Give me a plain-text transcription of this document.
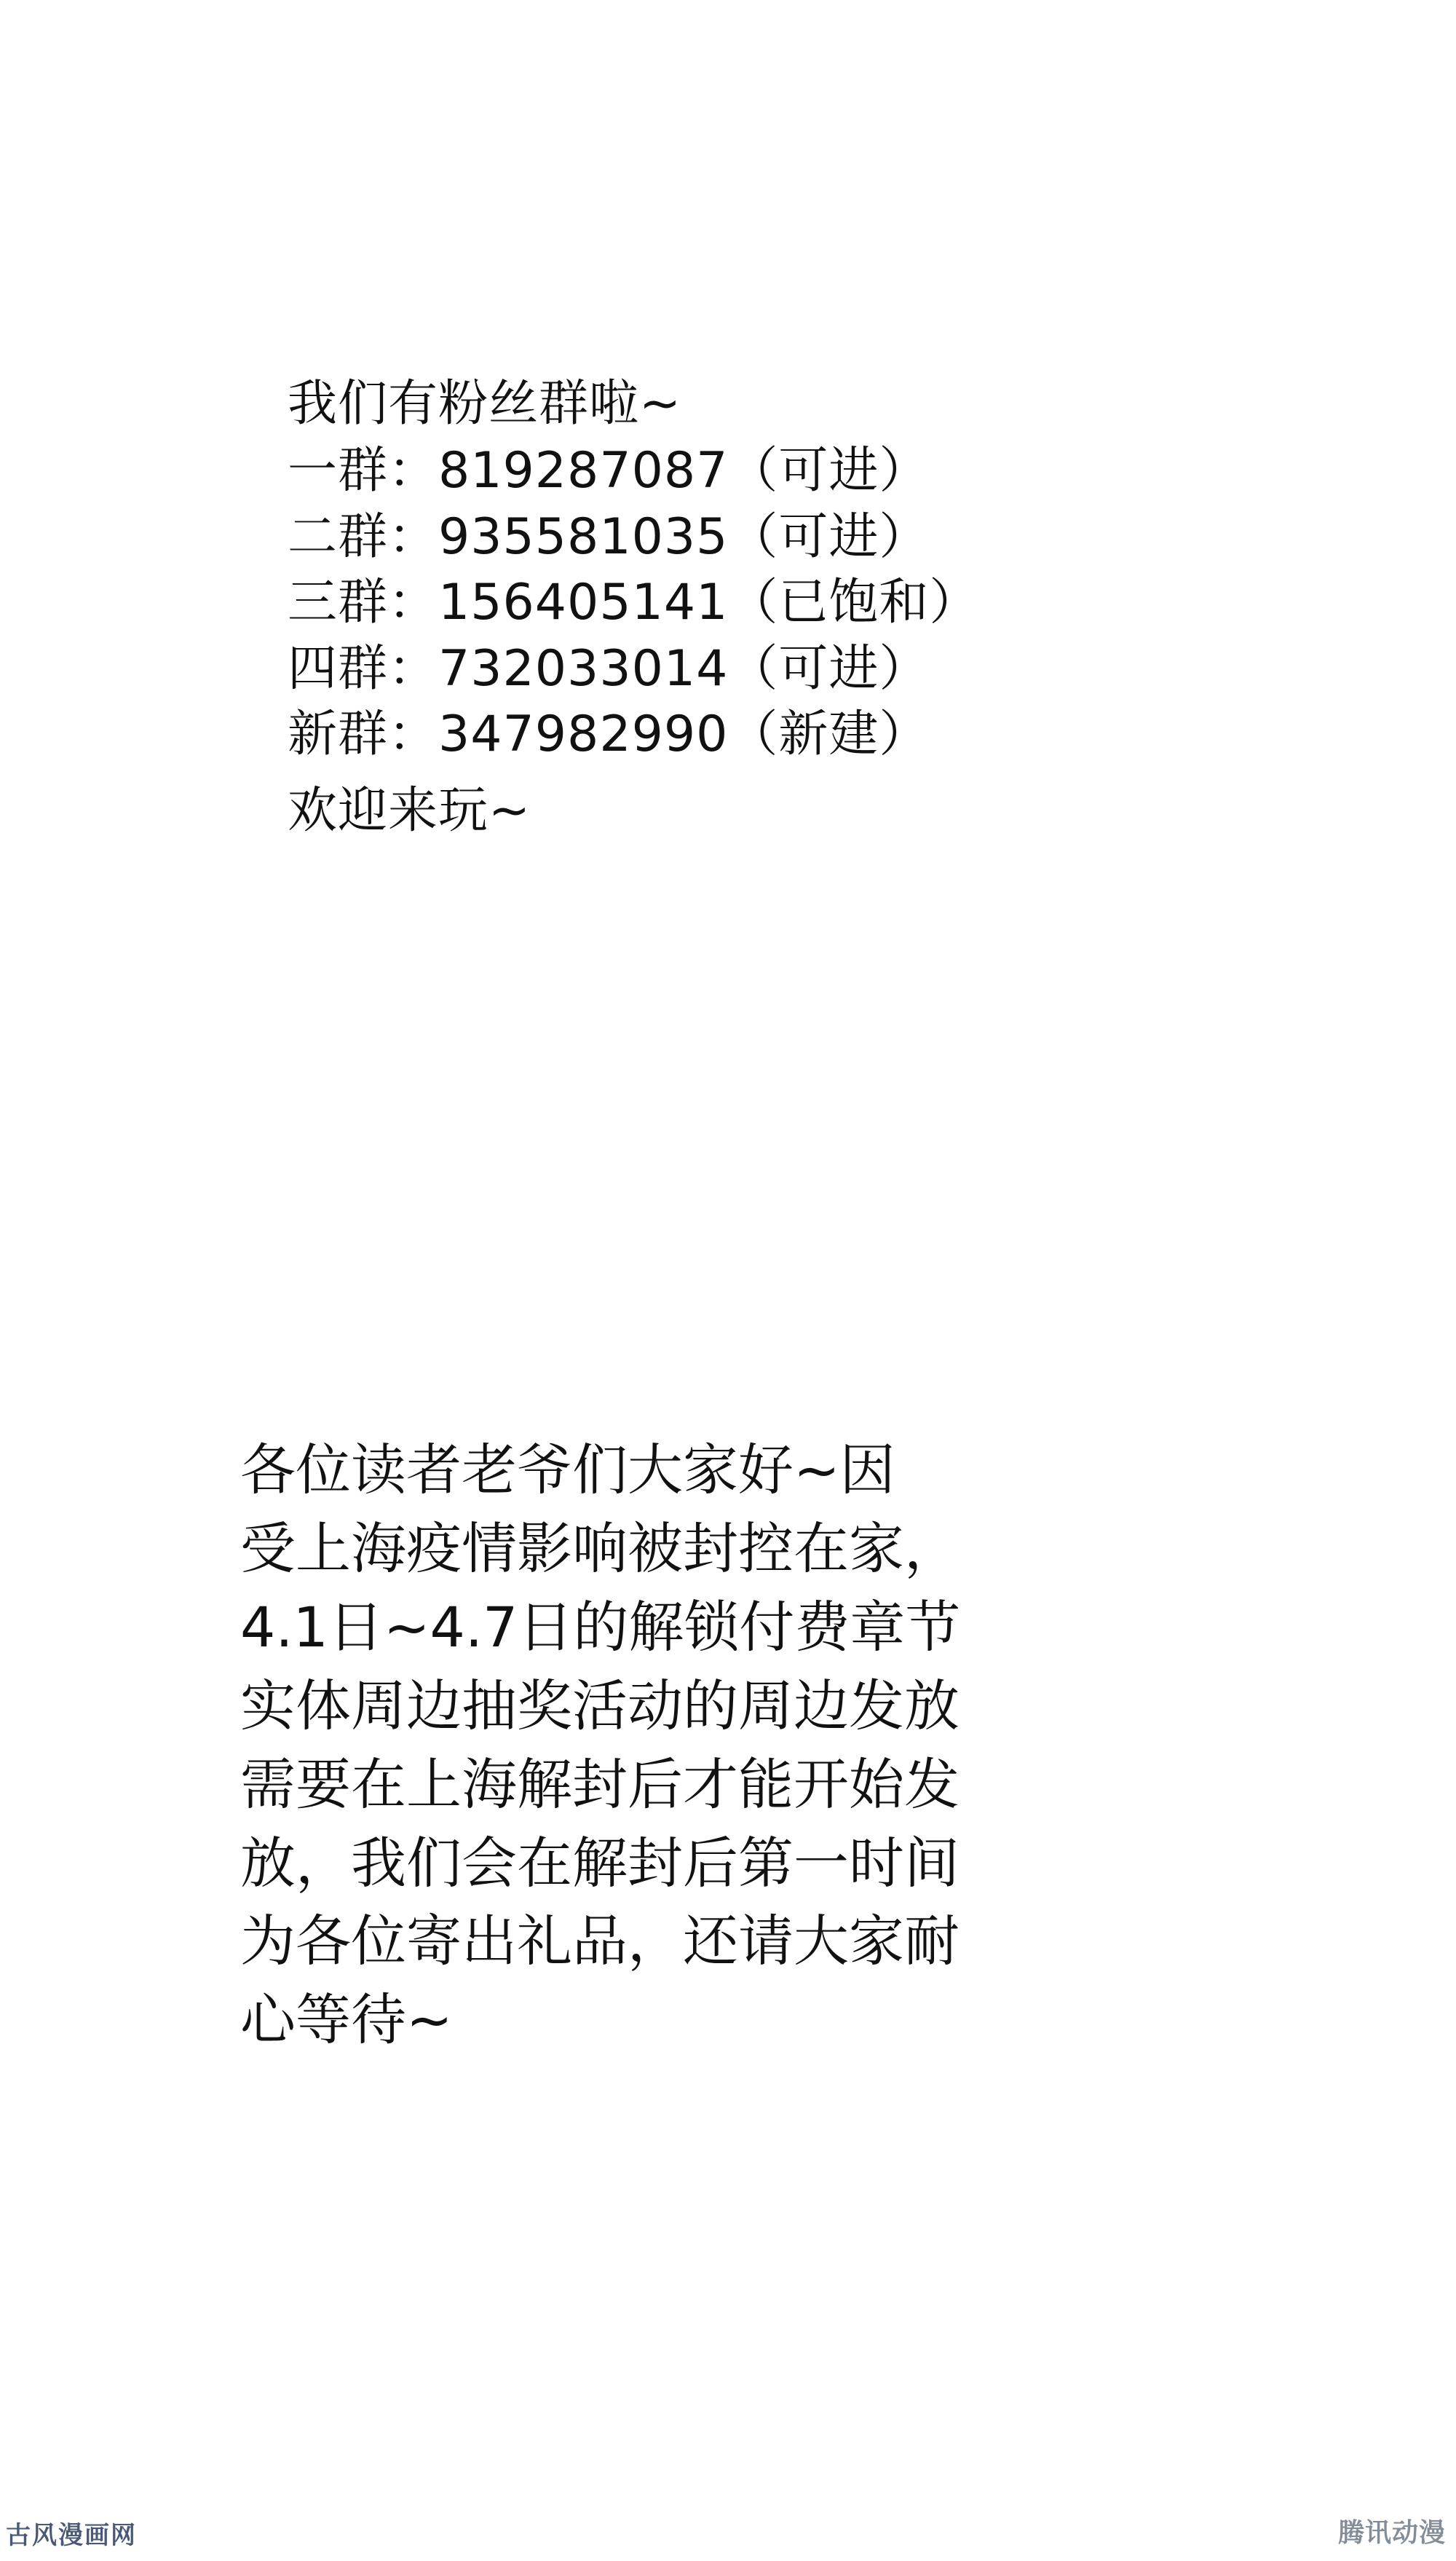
我们有粉丝群啦~
一群：819287087（可进）
二群：935581035（可进）
三群：156405141（已饱和）
四群：732033014（可进）
新群：347982990（新建）
欢迎来玩~
各位读者老爷们大家好~因
受上海疫情影响被封控在家，
4.1日~4.7日的解锁付费章节
实体周边抽奖活动的周边发放
需要在上海解封后才能开始发
放，我们会在解封后第一时间
为各位寄出礼品，还请大家耐
心等待~
古风漫画网	腾讯动漫
